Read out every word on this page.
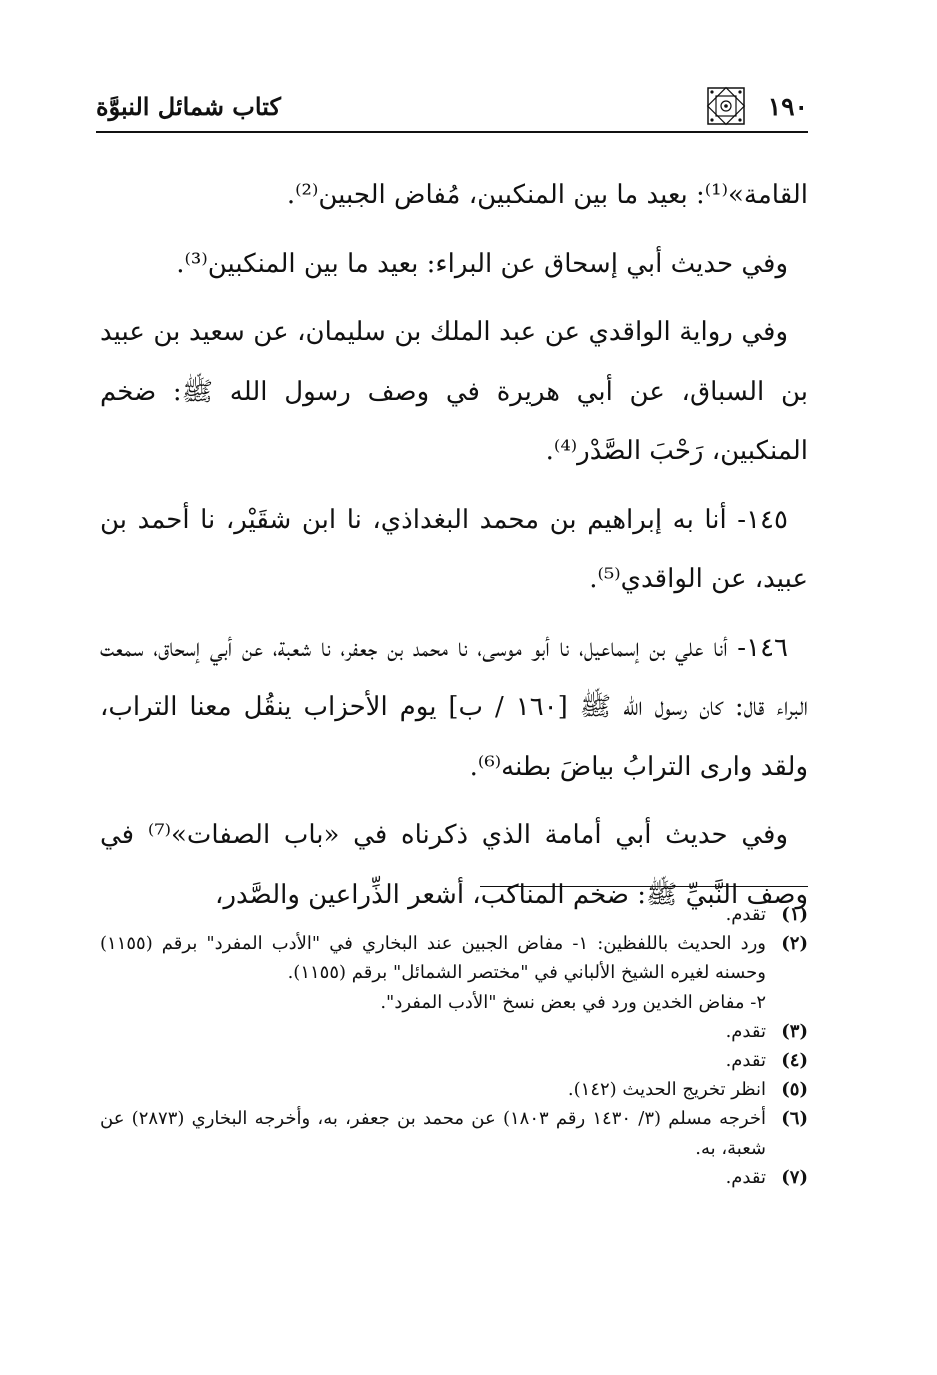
١٩٠
كتاب شمائل النبوَّة

القامة»⁽¹⁾: بعيد ما بين المنكبين، مُفاض الجبين⁽²⁾.

وفي حديث أبي إسحاق عن البراء: بعيد ما بين المنكبين⁽³⁾.

وفي رواية الواقدي عن عبد الملك بن سليمان، عن سعيد بن عبيد بن السباق، عن أبي هريرة في وصف رسول الله ﷺ: ضخم المنكبين، رَحْبَ الصَّدْر⁽⁴⁾.

١٤٥- أنا به إبراهيم بن محمد البغداذي، نا ابن شقَيْر، نا أحمد بن عبيد، عن الواقدي⁽⁵⁾.

١٤٦- أنا علي بن إسماعيل، نا أبو موسى، نا محمد بن جعفر، نا شعبة، عن أبي إسحاق، سمعت البراء قال: كان رسول الله ﷺ [١٦٠ / ب] يوم الأحزاب ينقُل معنا التراب، ولقد وارى الترابُ بياضَ بطنه⁽⁶⁾.

وفي حديث أبي أمامة الذي ذكرناه في «باب الصفات»⁽⁷⁾ في وصف النَّبيِّ ﷺ: ضخم المناكب، أشعر الذِّراعين والصَّدر،

(١)
تقدم.
(٢)
ورد الحديث باللفظين: ١- مفاض الجبين عند البخاري في "الأدب المفرد" برقم (١١٥٥) وحسنه لغيره الشيخ الألباني في "مختصر الشمائل" برقم (١١٥٥).
٢- مفاض الخدين ورد في بعض نسخ "الأدب المفرد".
(٣)
تقدم.
(٤)
تقدم.
(٥)
انظر تخريج الحديث (١٤٢).
(٦)
أخرجه مسلم (٣/ ١٤٣٠ رقم ١٨٠٣) عن محمد بن جعفر، به، وأخرجه البخاري (٢٨٧٣) عن شعبة، به.
(٧)
تقدم.
